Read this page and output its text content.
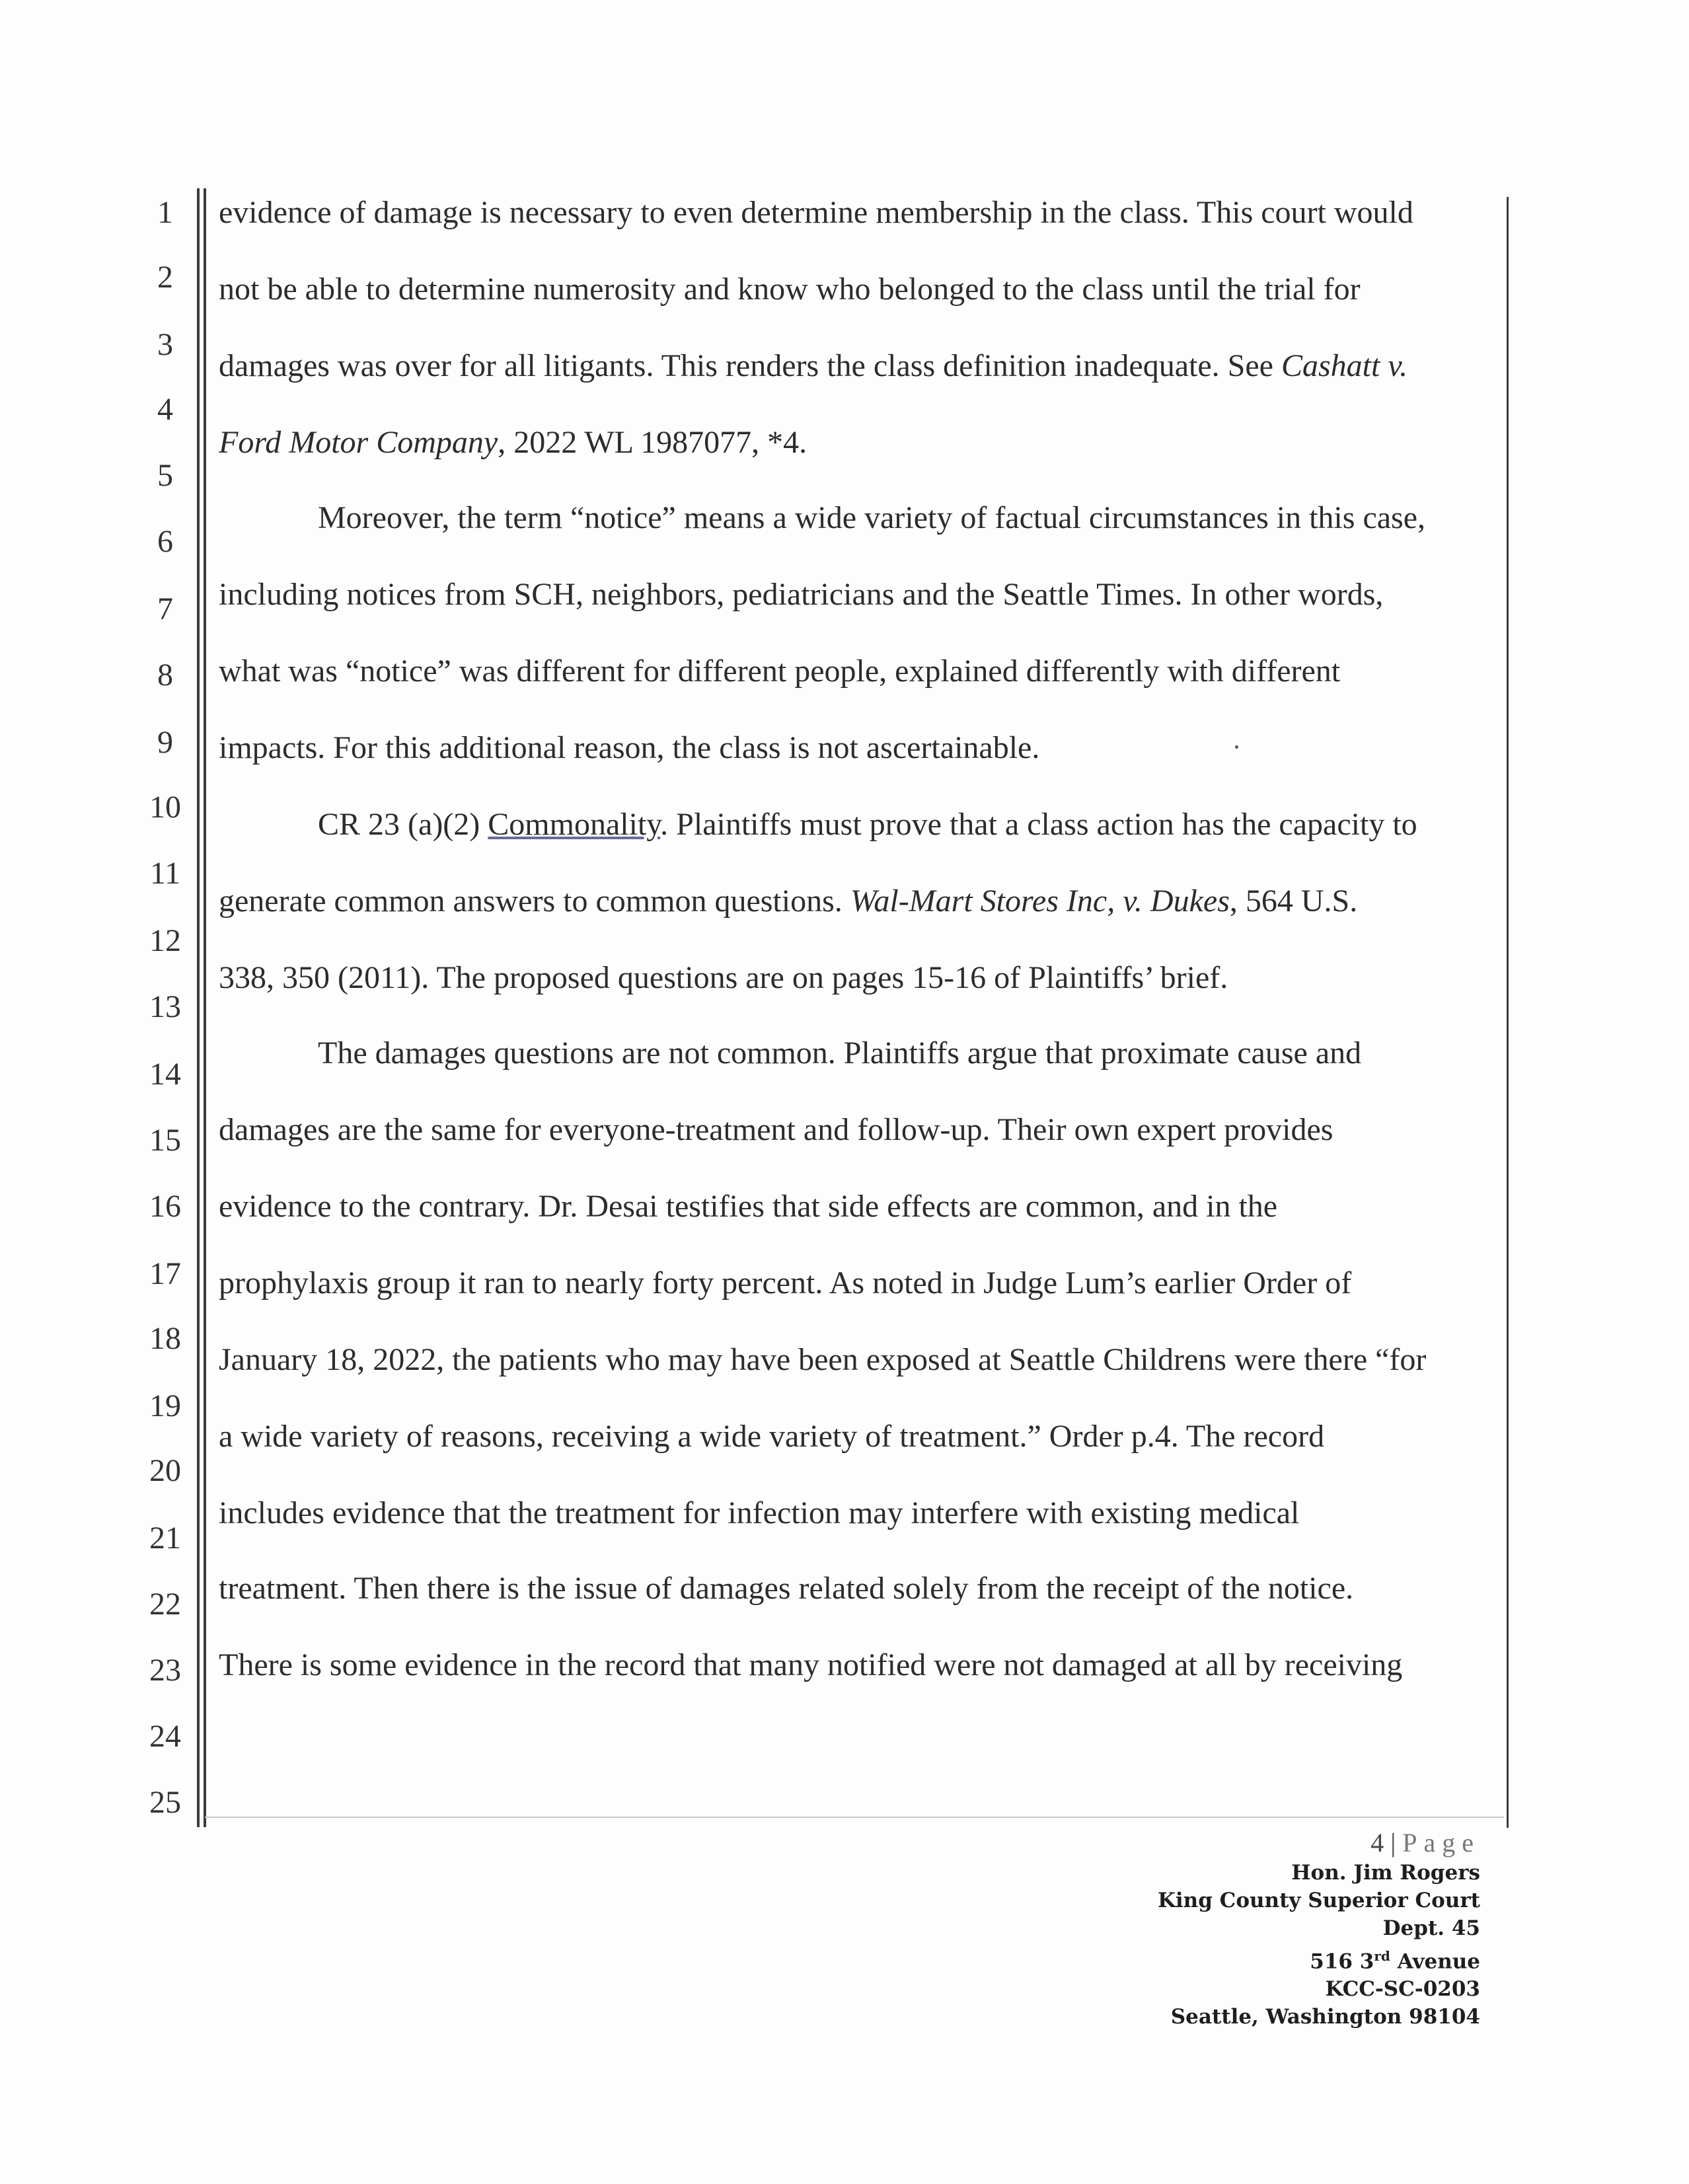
1
2
3
4
5
6
7
8
9
10
11
12
13
14
15
16
17
18
19
20
21
22
23
24
25
evidence of damage is necessary to even determine membership in the class. This court would
not be able to determine numerosity and know who belonged to the class until the trial for
damages was over for all litigants. This renders the class definition inadequate. See Cashatt v.
Ford Motor Company, 2022 WL 1987077, *4.
Moreover, the term “notice” means a wide variety of factual circumstances in this case,
including notices from SCH, neighbors, pediatricians and the Seattle Times. In other words,
what was “notice” was different for different people, explained differently with different
impacts. For this additional reason, the class is not ascertainable.
CR 23 (a)(2) Commonality. Plaintiffs must prove that a class action has the capacity to
generate common answers to common questions. Wal-Mart Stores Inc, v. Dukes, 564 U.S.
338, 350 (2011). The proposed questions are on pages 15-16 of Plaintiffs’ brief.
The damages questions are not common. Plaintiffs argue that proximate cause and
damages are the same for everyone-treatment and follow-up. Their own expert provides
evidence to the contrary. Dr. Desai testifies that side effects are common, and in the
prophylaxis group it ran to nearly forty percent. As noted in Judge Lum’s earlier Order of
January 18, 2022, the patients who may have been exposed at Seattle Childrens were there “for
a wide variety of reasons, receiving a wide variety of treatment.” Order p.4. The record
includes evidence that the treatment for infection may interfere with existing medical
treatment. Then there is the issue of damages related solely from the receipt of the notice.
There is some evidence in the record that many notified were not damaged at all by receiving
4 | Page
Hon. Jim Rogers
King County Superior Court
Dept. 45
516 3rd Avenue
KCC-SC-0203
Seattle, Washington 98104
